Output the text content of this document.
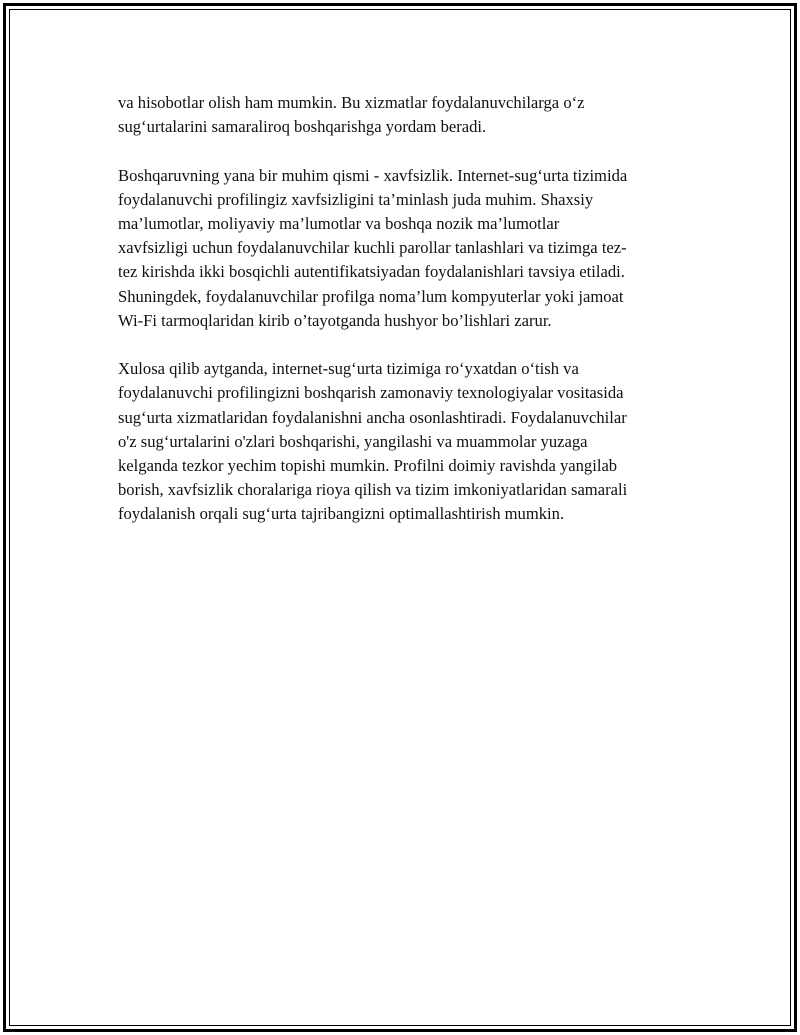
va hisobotlar olish ham mumkin. Bu xizmatlar foydalanuvchilarga o‘z
sug‘urtalarini samaraliroq boshqarishga yordam beradi.

Boshqaruvning yana bir muhim qismi - xavfsizlik. Internet-sug‘urta tizimida
foydalanuvchi profilingiz xavfsizligini ta’minlash juda muhim. Shaxsiy
ma’lumotlar, moliyaviy ma’lumotlar va boshqa nozik ma’lumotlar
xavfsizligi uchun foydalanuvchilar kuchli parollar tanlashlari va tizimga tez-
tez kirishda ikki bosqichli autentifikatsiyadan foydalanishlari tavsiya etiladi.
Shuningdek, foydalanuvchilar profilga noma’lum kompyuterlar yoki jamoat
Wi-Fi tarmoqlaridan kirib o’tayotganda hushyor bo’lishlari zarur.

Xulosa qilib aytganda, internet-sug‘urta tizimiga ro‘yxatdan o‘tish va
foydalanuvchi profilingizni boshqarish zamonaviy texnologiyalar vositasida
sug‘urta xizmatlaridan foydalanishni ancha osonlashtiradi. Foydalanuvchilar
o'z sug‘urtalarini o'zlari boshqarishi, yangilashi va muammolar yuzaga
kelganda tezkor yechim topishi mumkin. Profilni doimiy ravishda yangilab
borish, xavfsizlik choralariga rioya qilish va tizim imkoniyatlaridan samarali
foydalanish orqali sug‘urta tajribangizni optimallashtirish mumkin.
